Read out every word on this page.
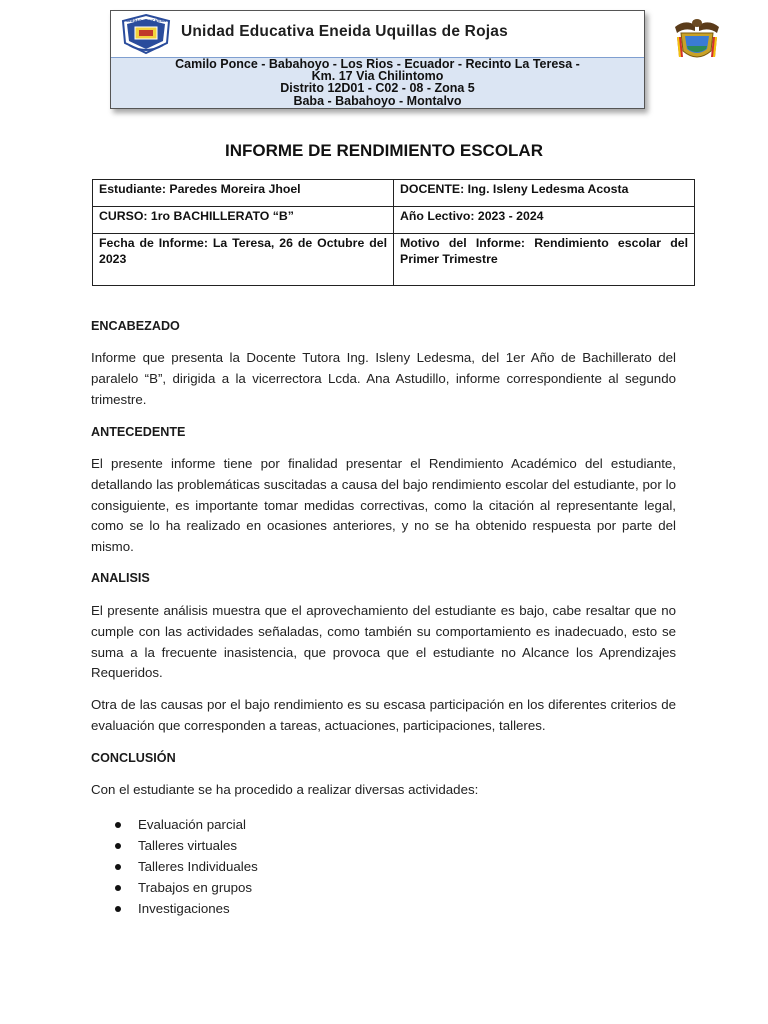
UNIDAD EDUCATIVA
Unidad Educativa Eneida Uquillas de Rojas
Camilo Ponce - Babahoyo - Los Rios - Ecuador - Recinto La Teresa -
Km. 17 Via Chilintomo
Distrito 12D01 - C02 - 08 - Zona 5
Baba - Babahoyo - Montalvo
INFORME DE RENDIMIENTO ESCOLAR
Estudiante: Paredes Moreira Jhoel	DOCENTE: Ing. Isleny Ledesma Acosta
CURSO: 1ro BACHILLERATO “B”	Año Lectivo: 2023 - 2024
Fecha de Informe: La Teresa, 26 de Octubre del 2023	Motivo del Informe: Rendimiento escolar del Primer Trimestre
ENCABEZADO
Informe que presenta la Docente Tutora Ing. Isleny Ledesma, del 1er Año de Bachillerato del paralelo “B”, dirigida a la vicerrectora Lcda. Ana Astudillo, informe correspondiente al segundo trimestre.
ANTECEDENTE
El presente informe tiene por finalidad presentar el Rendimiento Académico del estudiante, detallando las problemáticas suscitadas a causa del bajo rendimiento escolar del estudiante, por lo consiguiente, es importante tomar medidas correctivas, como la citación al representante legal, como se lo ha realizado en ocasiones anteriores, y no se ha obtenido respuesta por parte del mismo.
ANALISIS
El presente análisis muestra que el aprovechamiento del estudiante es bajo, cabe resaltar que no cumple con las actividades señaladas, como también su comportamiento es inadecuado, esto se suma a la frecuente inasistencia, que provoca que el estudiante no Alcance los Aprendizajes Requeridos.
Otra de las causas por el bajo rendimiento es su escasa participación en los diferentes criterios de evaluación que corresponden a tareas, actuaciones, participaciones, talleres.
CONCLUSIÓN
Con el estudiante se ha procedido a realizar diversas actividades:
Evaluación parcial
Talleres virtuales
Talleres Individuales
Trabajos en grupos
Investigaciones
